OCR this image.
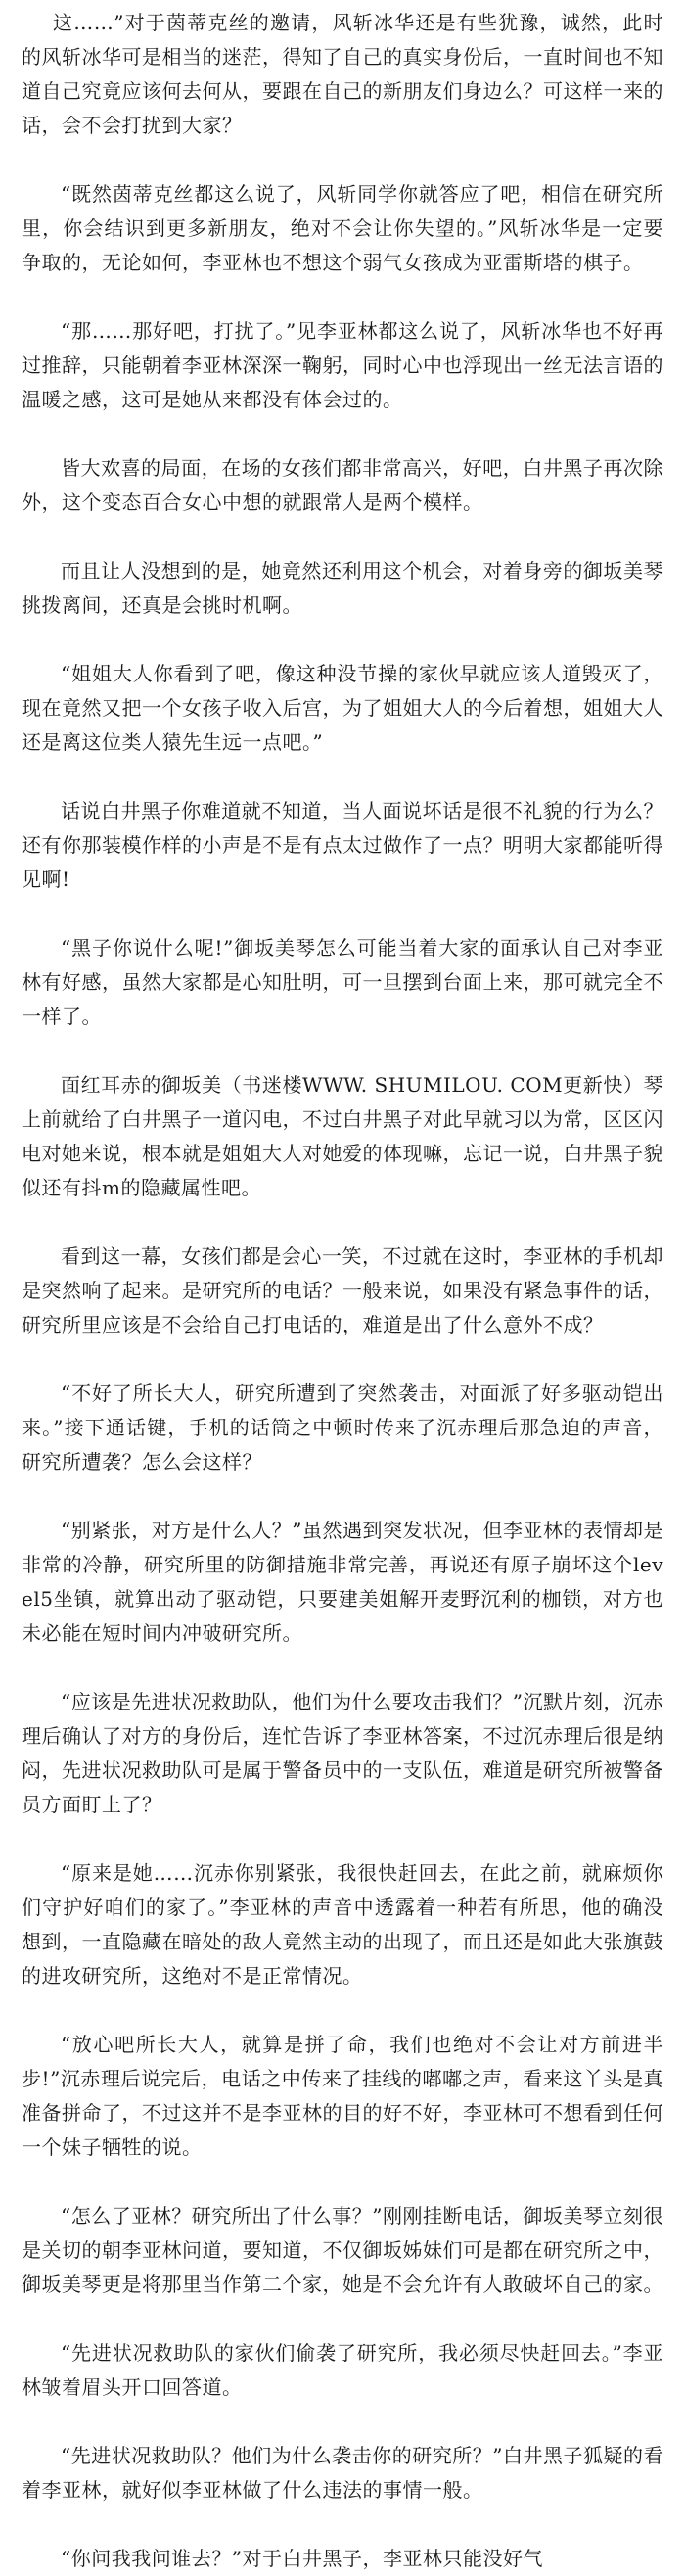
这……”对于茵蒂克丝的邀请，风斩冰华还是有些犹豫，诚然，此时的风斩冰华可是相当的迷茫，得知了自己的真实身份后，一直时间也不知道自己究竟应该何去何从，要跟在自己的新朋友们身边么？可这样一来的话，会不会打扰到大家？

“既然茵蒂克丝都这么说了，风斩同学你就答应了吧，相信在研究所里，你会结识到更多新朋友，绝对不会让你失望的。”风斩冰华是一定要争取的，无论如何，李亚林也不想这个弱气女孩成为亚雷斯塔的棋子。

“那……那好吧，打扰了。”见李亚林都这么说了，风斩冰华也不好再过推辞，只能朝着李亚林深深一鞠躬，同时心中也浮现出一丝无法言语的温暖之感，这可是她从来都没有体会过的。

皆大欢喜的局面，在场的女孩们都非常高兴，好吧，白井黑子再次除外，这个变态百合女心中想的就跟常人是两个模样。

而且让人没想到的是，她竟然还利用这个机会，对着身旁的御坂美琴挑拨离间，还真是会挑时机啊。

“姐姐大人你看到了吧，像这种没节操的家伙早就应该人道毁灭了，现在竟然又把一个女孩子收入后宫，为了姐姐大人的今后着想，姐姐大人还是离这位类人猿先生远一点吧。”

话说白井黑子你难道就不知道，当人面说坏话是很不礼貌的行为么？还有你那装模作样的小声是不是有点太过做作了一点？明明大家都能听得见啊!

“黑子你说什么呢!”御坂美琴怎么可能当着大家的面承认自己对李亚林有好感，虽然大家都是心知肚明，可一旦摆到台面上来，那可就完全不一样了。

面红耳赤的御坂美（书迷楼WWW. SHUMILOU. COM更新快）琴上前就给了白井黑子一道闪电，不过白井黑子对此早就习以为常，区区闪电对她来说，根本就是姐姐大人对她爱的体现嘛，忘记一说，白井黑子貌似还有抖m的隐藏属性吧。

看到这一幕，女孩们都是会心一笑，不过就在这时，李亚林的手机却是突然响了起来。是研究所的电话？一般来说，如果没有紧急事件的话，研究所里应该是不会给自己打电话的，难道是出了什么意外不成？

“不好了所长大人，研究所遭到了突然袭击，对面派了好多驱动铠出来。”接下通话键，手机的话筒之中顿时传来了沉赤理后那急迫的声音，研究所遭袭？怎么会这样？

“别紧张，对方是什么人？”虽然遇到突发状况，但李亚林的表情却是非常的冷静，研究所里的防御措施非常完善，再说还有原子崩坏这个level5坐镇，就算出动了驱动铠，只要建美姐解开麦野沉利的枷锁，对方也未必能在短时间内冲破研究所。

“应该是先进状况救助队，他们为什么要攻击我们？”沉默片刻，沉赤理后确认了对方的身份后，连忙告诉了李亚林答案，不过沉赤理后很是纳闷，先进状况救助队可是属于警备员中的一支队伍，难道是研究所被警备员方面盯上了？

“原来是她……沉赤你别紧张，我很快赶回去，在此之前，就麻烦你们守护好咱们的家了。”李亚林的声音中透露着一种若有所思，他的确没想到，一直隐藏在暗处的敌人竟然主动的出现了，而且还是如此大张旗鼓的进攻研究所，这绝对不是正常情况。

“放心吧所长大人，就算是拼了命，我们也绝对不会让对方前进半步!”沉赤理后说完后，电话之中传来了挂线的嘟嘟之声，看来这丫头是真准备拼命了，不过这并不是李亚林的目的好不好，李亚林可不想看到任何一个妹子牺牲的说。

“怎么了亚林？研究所出了什么事？”刚刚挂断电话，御坂美琴立刻很是关切的朝李亚林问道，要知道，不仅御坂姊妹们可是都在研究所之中，御坂美琴更是将那里当作第二个家，她是不会允许有人敢破坏自己的家。

“先进状况救助队的家伙们偷袭了研究所，我必须尽快赶回去。”李亚林皱着眉头开口回答道。

“先进状况救助队？他们为什么袭击你的研究所？”白井黑子狐疑的看着李亚林，就好似李亚林做了什么违法的事情一般。

“你问我我问谁去？”对于白井黑子，李亚林只能没好气
